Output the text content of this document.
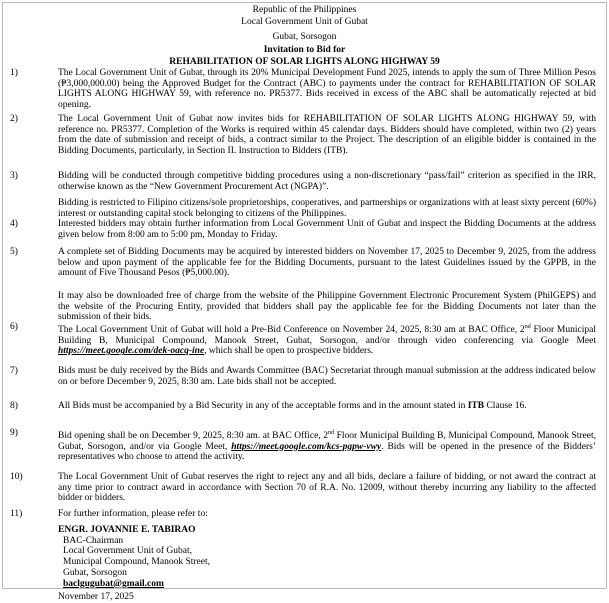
Republic of the Philippines
Local Government Unit of Gubat
Gubat, Sorsogon
Invitation to Bid for
REHABILITATION OF SOLAR LIGHTS ALONG HIGHWAY 59
1)	The Local Government Unit of Gubat, through its 20% Municipal Development Fund 2025, intends to apply the sum of Three Million Pesos (₱3,000,000.00) being the Approved Budget for the Contract (ABC) to payments under the contract for REHABILITATION OF SOLAR LIGHTS ALONG HIGHWAY 59, with reference no. PR5377. Bids received in excess of the ABC shall be automatically rejected at bid opening.

2)	The Local Government Unit of Gubat now invites bids for REHABILITATION OF SOLAR LIGHTS ALONG HIGHWAY 59, with reference no. PR5377. Completion of the Works is required within 45 calendar days. Bidders should have completed, within two (2) years from the date of submission and receipt of bids, a contract similar to the Project. The description of an eligible bidder is contained in the Bidding Documents, particularly, in Section II. Instruction to Bidders (ITB).

3)	Bidding will be conducted through competitive bidding procedures using a non-discretionary “pass/fail” criterion as specified in the IRR, otherwise known as the “New Government Procurement Act (NGPA)”.

Bidding is restricted to Filipino citizens/sole proprietorships, cooperatives, and partnerships or organizations with at least sixty percent (60%) interest or outstanding capital stock belonging to citizens of the Philippines.

4)	Interested bidders may obtain further information from Local Government Unit of Gubat and inspect the Bidding Documents at the address given below from 8:00 am to 5:00 pm, Monday to Friday.

5)	A complete set of Bidding Documents may be acquired by interested bidders on November 17, 2025 to December 9, 2025, from the address below and upon payment of the applicable fee for the Bidding Documents, pursuant to the latest Guidelines issued by the GPPB, in the amount of Five Thousand Pesos (₱5,000.00).

It may also be downloaded free of charge from the website of the Philippine Government Electronic Procurement System (PhilGEPS) and the website of the Procuring Entity, provided that bidders shall pay the applicable fee for the Bidding Documents not later than the submission of their bids.

6)	The Local Government Unit of Gubat will hold a Pre-Bid Conference on November 24, 2025, 8:30 am at BAC Office, 2nd Floor Municipal Building B, Municipal Compound, Manook Street, Gubat, Sorsogon, and/or through video conferencing via Google Meet https://meet.google.com/dek-oacq-ine, which shall be open to prospective bidders.

7)	Bids must be duly received by the Bids and Awards Committee (BAC) Secretariat through manual submission at the address indicated below on or before December 9, 2025, 8:30 am. Late bids shall not be accepted.

8)	All Bids must be accompanied by a Bid Security in any of the acceptable forms and in the amount stated in ITB Clause 16.

9)	Bid opening shall be on December 9, 2025, 8:30 am. at BAC Office, 2nd Floor Municipal Building B, Municipal Compound, Manook Street, Gubat, Sorsogon, and/or via Google Meet, https://meet.google.com/kcs-pgpw-vwy. Bids will be opened in the presence of the Bidders’ representatives who choose to attend the activity.

10)	The Local Government Unit of Gubat reserves the right to reject any and all bids, declare a failure of bidding, or not award the contract at any time prior to contract award in accordance with Section 70 of R.A. No. 12009, without thereby incurring any liability to the affected bidder or bidders.

11)	For further information, please refer to:

ENGR. JOVANNIE E. TABIRAO
BAC-Chairman
Local Government Unit of Gubat,
Municipal Compound, Manook Street,
Gubat, Sorsogon
baclgugubat@gmail.com
November 17, 2025
